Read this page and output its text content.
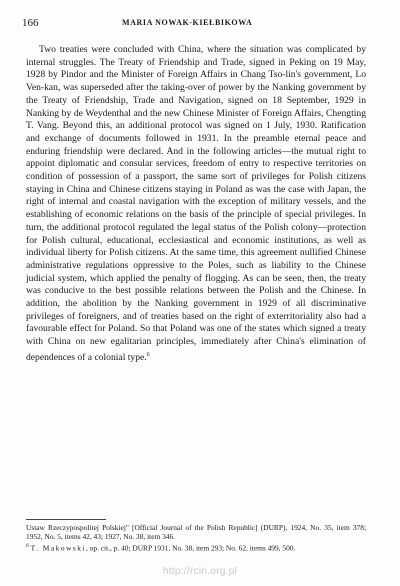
166	MARIA NOWAK-KIEŁBIKOWA

Two treaties were concluded with China, where the situation was complicated by internal struggles. The Treaty of Friendship and Trade, signed in Peking on 19 May, 1928 by Pindor and the Minister of Foreign Affairs in Chang Tso-lin's government, Lo Ven-kan, was superseded after the taking-over of power by the Nanking government by the Treaty of Friendship, Trade and Navigation, signed on 18 September, 1929 in Nanking by de Weydenthal and the new Chinese Minister of Foreign Affairs, Chengting T. Vang. Beyond this, an additional protocol was signed on 1 July, 1930. Ratification and exchange of documents followed in 1931. In the preamble eternal peace and enduring friendship were declared. And in the following articles—the mutual right to appoint diplomatic and consular services, freedom of entry to respective territories on condition of possession of a passport, the same sort of privileges for Polish citizens staying in China and Chinese citizens staying in Poland as was the case with Japan, the right of internal and coastal navigation with the exception of military vessels, and the establishing of economic relations on the basis of the principle of special privileges. In turn, the additional protocol regulated the legal status of the Polish colony—protection for Polish cultural, educational, ecclesiastical and economic institutions, as well as individual liberty for Polish citizens. At the same time, this agreement nullified Chinese administrative regulations oppressive to the Poles, such as liability to the Chinese judicial system, which applied the penalty of flogging. As can be seen, then, the treaty was conducive to the best possible relations between the Polish and the Chinese. In addition, the abolition by the Nanking government in 1929 of all discriminative privileges of foreigners, and of treaties based on the right of exterritoriality also had a favourable effect for Poland. So that Poland was one of the states which signed a treaty with China on new egalitarian principles, immediately after China's elimination of dependences of a colonial type.$^6$

Ustaw Rzeczypospolitej Polskiej" [Official Journal of the Polish Republic] (DURP), 1924, No. 35, item 378; 1952, No. 5, items 42, 43; 1927, No. 38, item 346.

$^6$ T. Makowski, op. cit., p. 40; DURP 1931, No. 38, item 293; No. 62, items 499, 500.

http://rcin.org.pl
